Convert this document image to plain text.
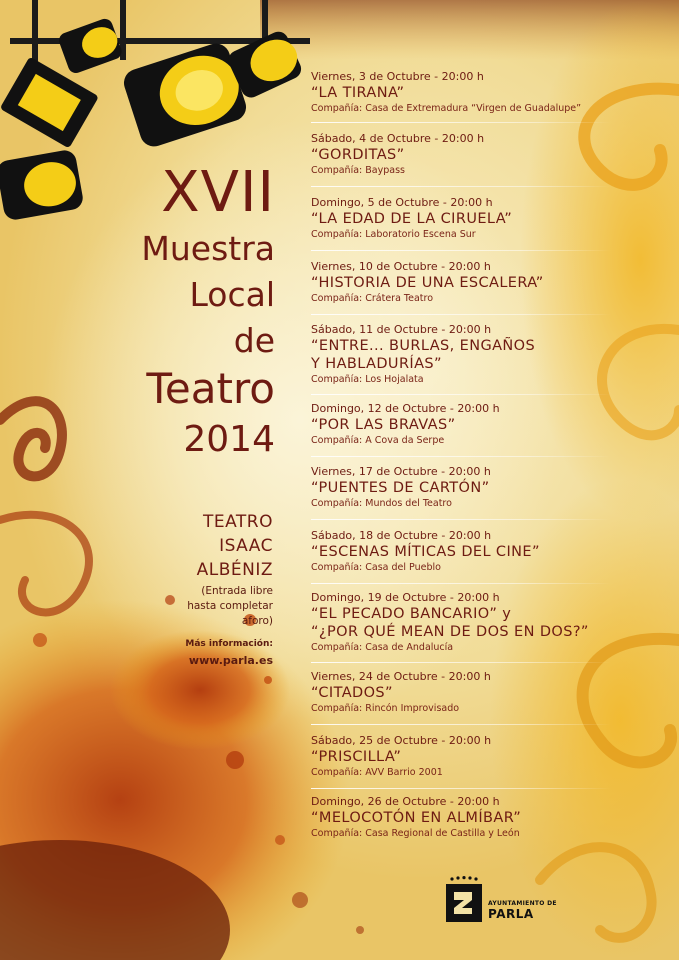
XVII
Muestra
Local
de
Teatro
2014
TEATRO
ISAAC
ALBÉNIZ
(Entrada libre
hasta completar
aforo)
Más información:
www.parla.es
Viernes, 3 de Octubre - 20:00 h
“LA TIRANA”
Compañía: Casa de Extremadura “Virgen de Guadalupe”
Sábado, 4 de Octubre - 20:00 h
“GORDITAS”
Compañía: Baypass
Domingo, 5 de Octubre - 20:00 h
“LA EDAD DE LA CIRUELA”
Compañía: Laboratorio Escena Sur
Viernes, 10 de Octubre - 20:00 h
“HISTORIA DE UNA ESCALERA”
Compañía: Crátera Teatro
Sábado, 11 de Octubre - 20:00 h
“ENTRE... BURLAS, ENGAÑOS
Y HABLADURÍAS”
Compañía: Los Hojalata
Domingo, 12 de Octubre - 20:00 h
“POR LAS BRAVAS”
Compañía: A Cova da Serpe
Viernes, 17 de Octubre - 20:00 h
“PUENTES DE CARTÓN”
Compañía: Mundos del Teatro
Sábado, 18 de Octubre - 20:00 h
“ESCENAS MÍTICAS DEL CINE”
Compañía: Casa del Pueblo
Domingo, 19 de Octubre - 20:00 h
“EL PECADO BANCARIO” y
“¿POR QUÉ MEAN DE DOS EN DOS?”
Compañía: Casa de Andalucía
Viernes, 24 de Octubre - 20:00 h
“CITADOS”
Compañía: Rincón Improvisado
Sábado, 25 de Octubre - 20:00 h
“PRISCILLA”
Compañía: AVV Barrio 2001
Domingo, 26 de Octubre - 20:00 h
“MELOCOTÓN EN ALMÍBAR”
Compañía: Casa Regional de Castilla y León
AYUNTAMIENTO DE
PARLA
